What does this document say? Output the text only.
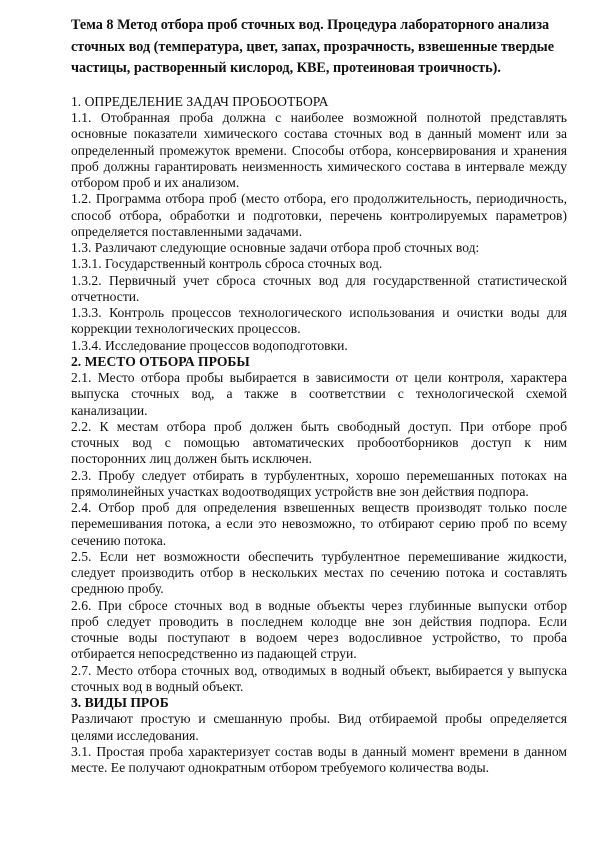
Тема 8 Метод отбора проб сточных вод. Процедура лабораторного анализа
сточных вод (температура, цвет, запах, прозрачность, взвешенные твердые
частицы, растворенный кислород, КВЕ, протеиновая троичность).
1. ОПРЕДЕЛЕНИЕ ЗАДАЧ ПРОБООТБОРА
1.1. Отобранная проба должна с наиболее возможной полнотой представлять
основные показатели химического состава сточных вод в данный момент или за
определенный промежуток времени. Способы отбора, консервирования и хранения
проб должны гарантировать неизменность химического состава в интервале между
отбором проб и их анализом.
1.2. Программа отбора проб (место отбора, его продолжительность, периодичность,
способ отбора, обработки и подготовки, перечень контролируемых параметров)
определяется поставленными задачами.
1.3. Различают следующие основные задачи отбора проб сточных вод:
1.3.1. Государственный контроль сброса сточных вод.
1.3.2. Первичный учет сброса сточных вод для государственной статистической
отчетности.
1.3.3. Контроль процессов технологического использования и очистки воды для
коррекции технологических процессов.
1.3.4. Исследование процессов водоподготовки.
2. МЕСТО ОТБОРА ПРОБЫ
2.1. Место отбора пробы выбирается в зависимости от цели контроля, характера
выпуска сточных вод, а также в соответствии с технологической схемой
канализации.
2.2. К местам отбора проб должен быть свободный доступ. При отборе проб
сточных вод с помощью автоматических пробоотборников доступ к ним
посторонних лиц должен быть исключен.
2.3. Пробу следует отбирать в турбулентных, хорошо перемешанных потоках на
прямолинейных участках водоотводящих устройств вне зон действия подпора.
2.4. Отбор проб для определения взвешенных веществ производят только после
перемешивания потока, а если это невозможно, то отбирают серию проб по всему
сечению потока.
2.5. Если нет возможности обеспечить турбулентное перемешивание жидкости,
следует производить отбор в нескольких местах по сечению потока и составлять
среднюю пробу.
2.6. При сбросе сточных вод в водные объекты через глубинные выпуски отбор
проб следует проводить в последнем колодце вне зон действия подпора. Если
сточные воды поступают в водоем через водосливное устройство, то проба
отбирается непосредственно из падающей струи.
2.7. Место отбора сточных вод, отводимых в водный объект, выбирается у выпуска
сточных вод в водный объект.
3. ВИДЫ ПРОБ
Различают простую и смешанную пробы. Вид отбираемой пробы определяется
целями исследования.
3.1. Простая проба характеризует состав воды в данный момент времени в данном
месте. Ее получают однократным отбором требуемого количества воды.
